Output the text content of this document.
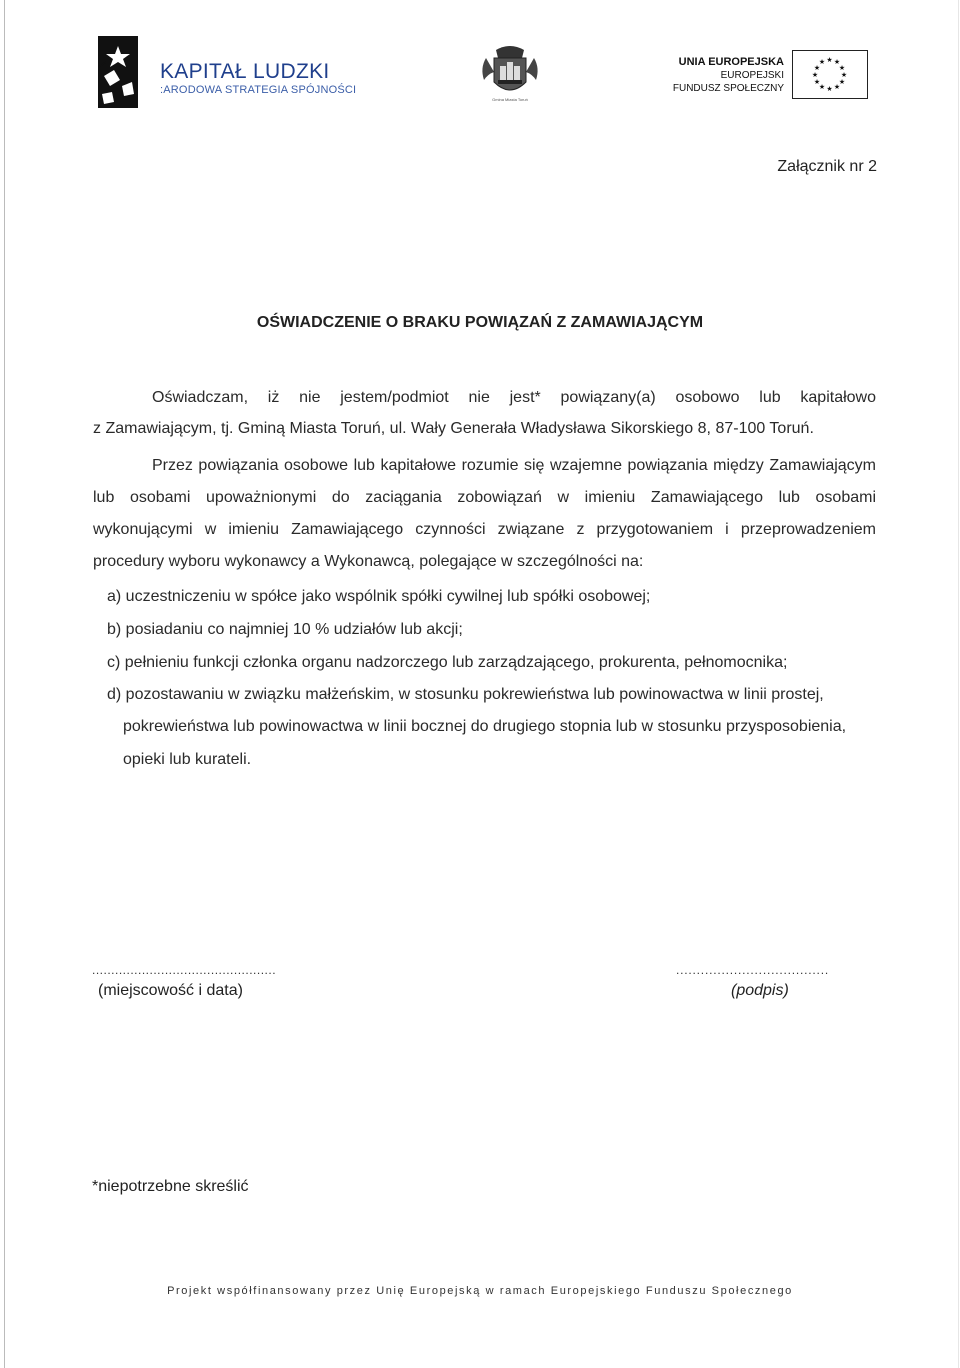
KAPITAŁ LUDZKI
:ARODOWA STRATEGIA SPÓJNOŚCI
Gmina Miasta Toruń
UNIA EUROPEJSKA
EUROPEJSKI
FUNDUSZ SPOŁECZNY
★ ★
★
★
★
★
★
★
★
★
★
★
Załącznik nr 2
OŚWIADCZENIE O BRAKU POWIĄZAŃ Z ZAMAWIAJĄCYM
Oświadczam, iż nie jestem/podmiot nie jest* powiązany(a) osobowo lub kapitałowo
z Zamawiającym, tj. Gminą Miasta Toruń, ul. Wały Generała Władysława Sikorskiego 8, 87-100 Toruń.
Przez powiązania osobowe lub kapitałowe rozumie się wzajemne powiązania między Zamawiającym
lub osobami upoważnionymi do zaciągania zobowiązań w imieniu Zamawiającego lub osobami
wykonującymi w imieniu Zamawiającego czynności związane z przygotowaniem i przeprowadzeniem
procedury wyboru wykonawcy a Wykonawcą, polegające w szczególności na:
a) uczestniczeniu w spółce jako wspólnik spółki cywilnej lub spółki osobowej;
b) posiadaniu co najmniej 10 % udziałów lub akcji;
c) pełnieniu funkcji członka organu nadzorczego lub zarządzającego, prokurenta, pełnomocnika;
d) pozostawaniu w związku małżeńskim, w stosunku pokrewieństwa lub powinowactwa w linii prostej,
pokrewieństwa lub powinowactwa w linii bocznej do drugiego stopnia lub w stosunku przysposobienia,
opieki lub kurateli.
................................................	.....................................
(miejscowość i data)	(podpis)
*niepotrzebne skreślić
Projekt współfinansowany przez Unię Europejską w ramach Europejskiego Funduszu Społecznego
